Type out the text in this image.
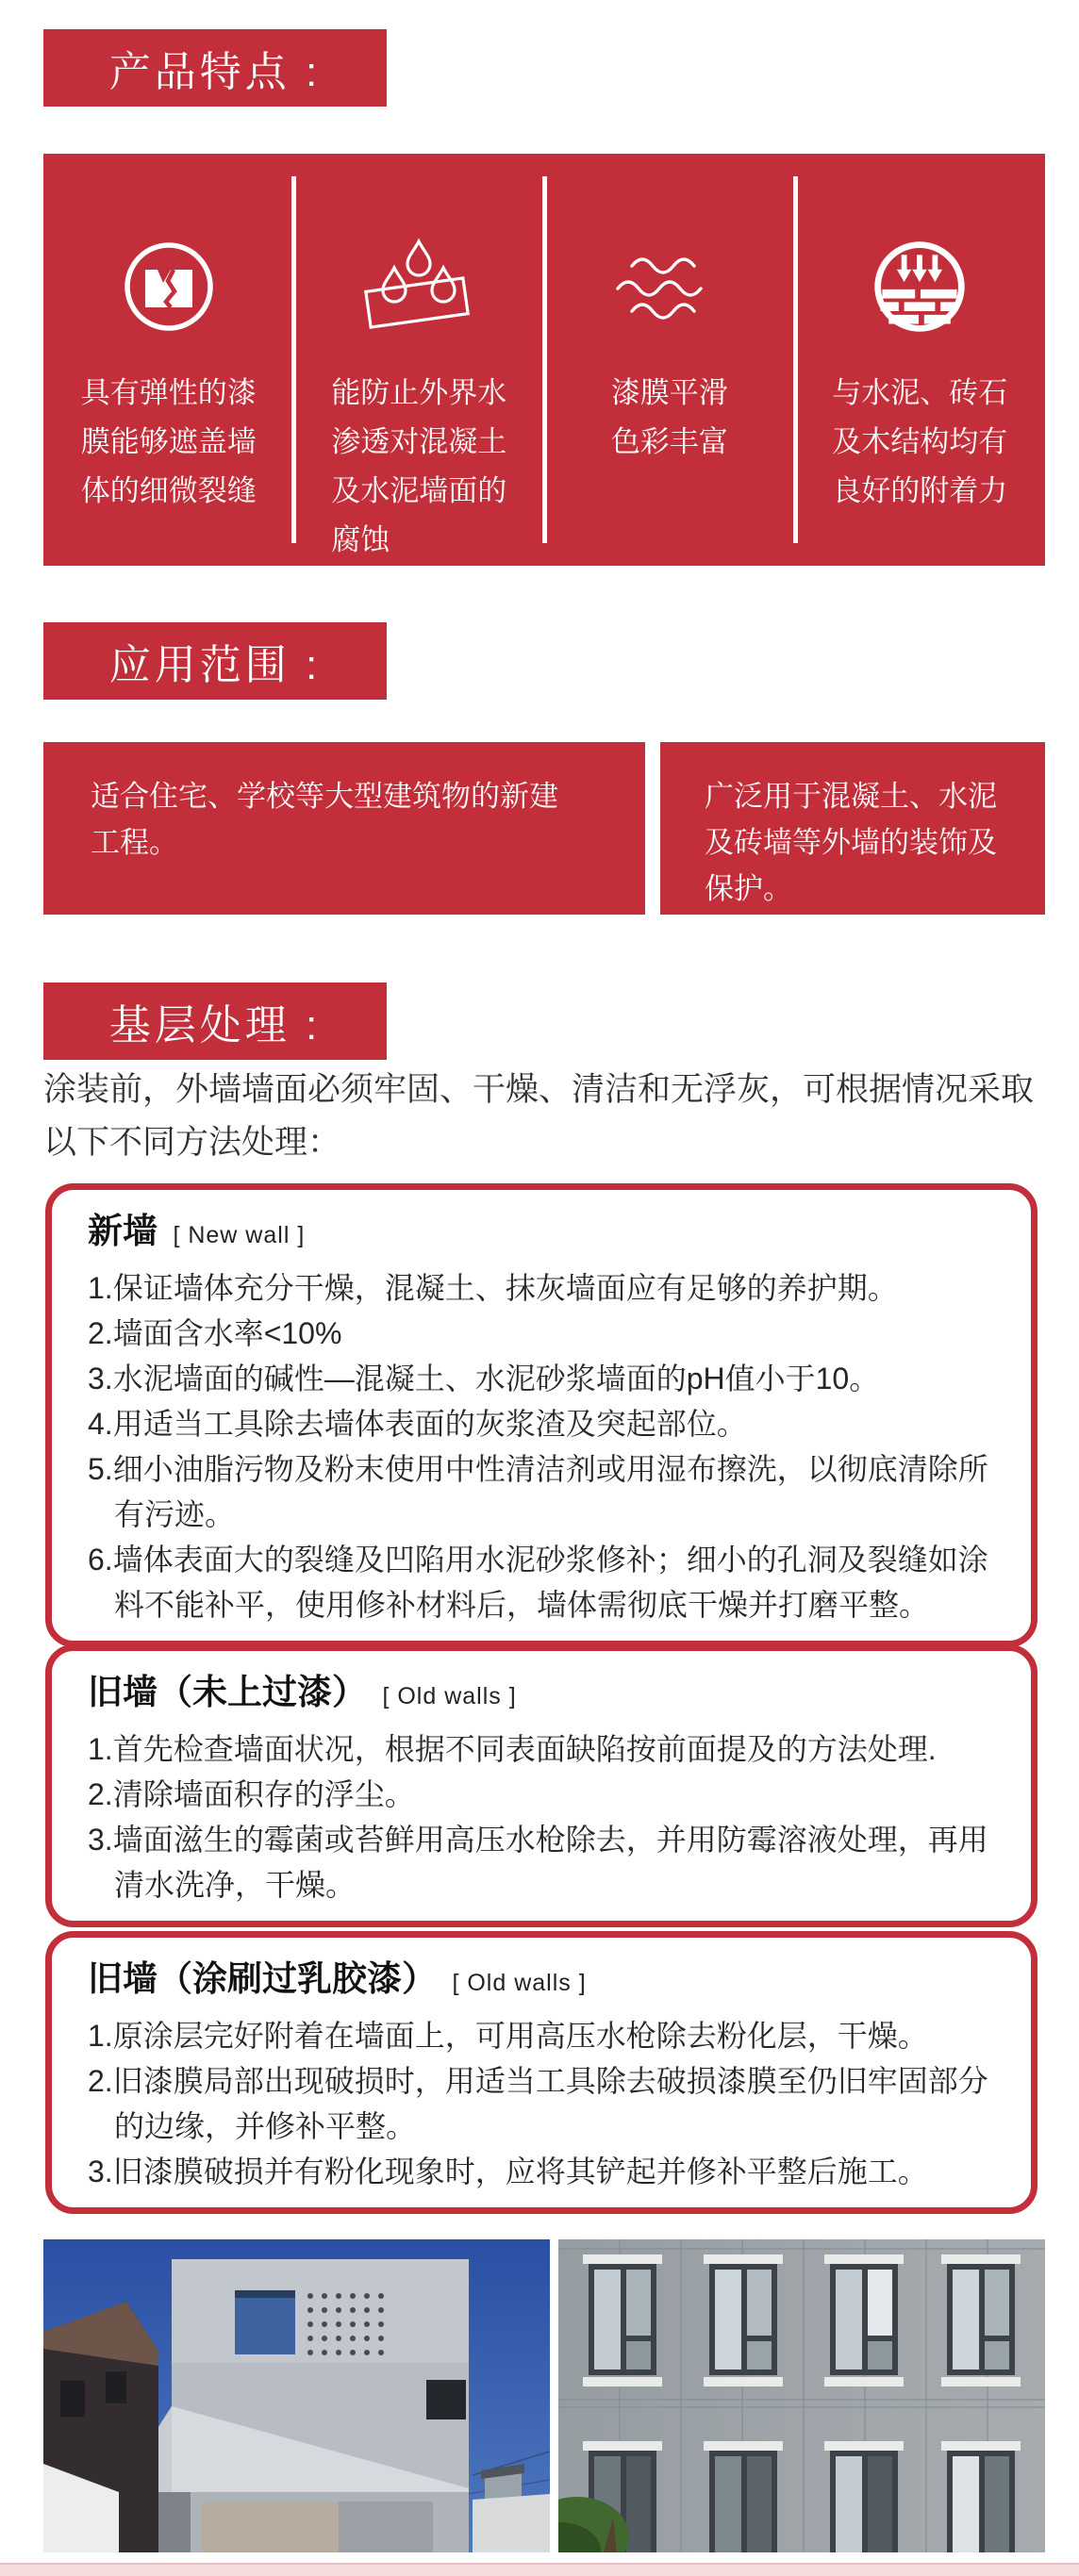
产品特点 :
具有弹性的漆
膜能够遮盖墙
体的细微裂缝
能防止外界水
渗透对混凝土
及水泥墙面的
腐蚀
漆膜平滑
色彩丰富
与水泥、砖石
及木结构均有
良好的附着力
应用范围 :
适合住宅、学校等大型建筑物的新建工程。
广泛用于混凝土、水泥及砖墙等外墙的装饰及保护。
基层处理 :
涂装前，外墙墙面必须牢固、干燥、清洁和无浮灰，可根据情况采取以下不同方法处理：
新墙 [ New wall ]
1.保证墙体充分干燥，混凝土、抹灰墙面应有足够的养护期。
2.墙面含水率<10%
3.水泥墙面的碱性—混凝土、水泥砂浆墙面的pH值小于10。
4.用适当工具除去墙体表面的灰浆渣及突起部位。
5.细小油脂污物及粉末使用中性清洁剂或用湿布擦洗，以彻底清除所有污迹。
6.墙体表面大的裂缝及凹陷用水泥砂浆修补；细小的孔洞及裂缝如涂料不能补平，使用修补材料后，墙体需彻底干燥并打磨平整。
旧墙（未上过漆） [ Old walls ]
1.首先检查墙面状况，根据不同表面缺陷按前面提及的方法处理.
2.清除墙面积存的浮尘。
3.墙面滋生的霉菌或苔鲜用高压水枪除去，并用防霉溶液处理，再用清水洗净，干燥。
旧墙（涂刷过乳胶漆） [ Old walls ]
1.原涂层完好附着在墙面上，可用高压水枪除去粉化层，干燥。
2.旧漆膜局部出现破损时，用适当工具除去破损漆膜至仍旧牢固部分的边缘，并修补平整。
3.旧漆膜破损并有粉化现象时，应将其铲起并修补平整后施工。
